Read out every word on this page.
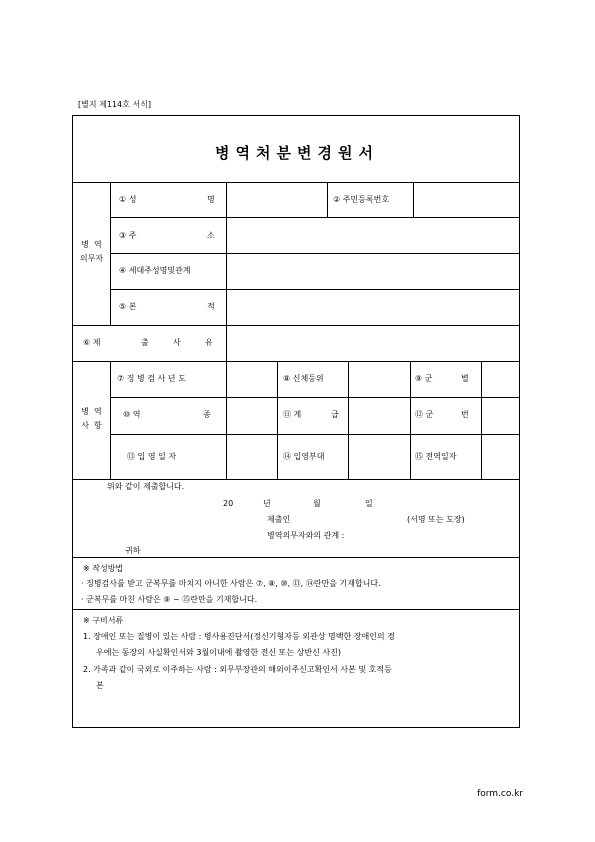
[별지 제114호 서식]
병역처분변경원서
병  역
의무자
병  역
사  항
① 성	명	② 주민등록번호
③ 주	소
④ 세대주성명및관계
⑤ 본	적
⑥ 제	출	사	유
⑦ 징 병 검 사 년 도	⑧ 신체등위	⑨ 군	별
⑩ 역	종	⑪ 계	급	⑫ 군	번
⑬ 입 영 일 자	⑭ 입영부대	⑮ 전역일자
위와 같이 제출합니다.
20	년	월	일
제출인	(서명 또는 도장)
병역의무자와의 관계 :
귀하
※ 작성방법
· 징병검사를 받고 군복무를 마치지 아니한 사람은 ⑦, ⑧, ⑩, ⑬, ⑭란만을 기재합니다.
· 군복무를 마친 사람은 ⑨ ~ ⑮란만을 기재합니다.
※ 구비서류
1. 장애인 또는 질병이 있는 사람 : 병사용진단서(정신기형자등 외관상 명백한 장애인의 경
우에는 동장의 사실확인서와 3월이내에 촬영한 전신 또는 상반신 사진)
2. 가족과 같이 국외로 이주하는 사람 : 외무부장관의 해외이주신고확인서 사본 및 호적등
본
form.co.kr
